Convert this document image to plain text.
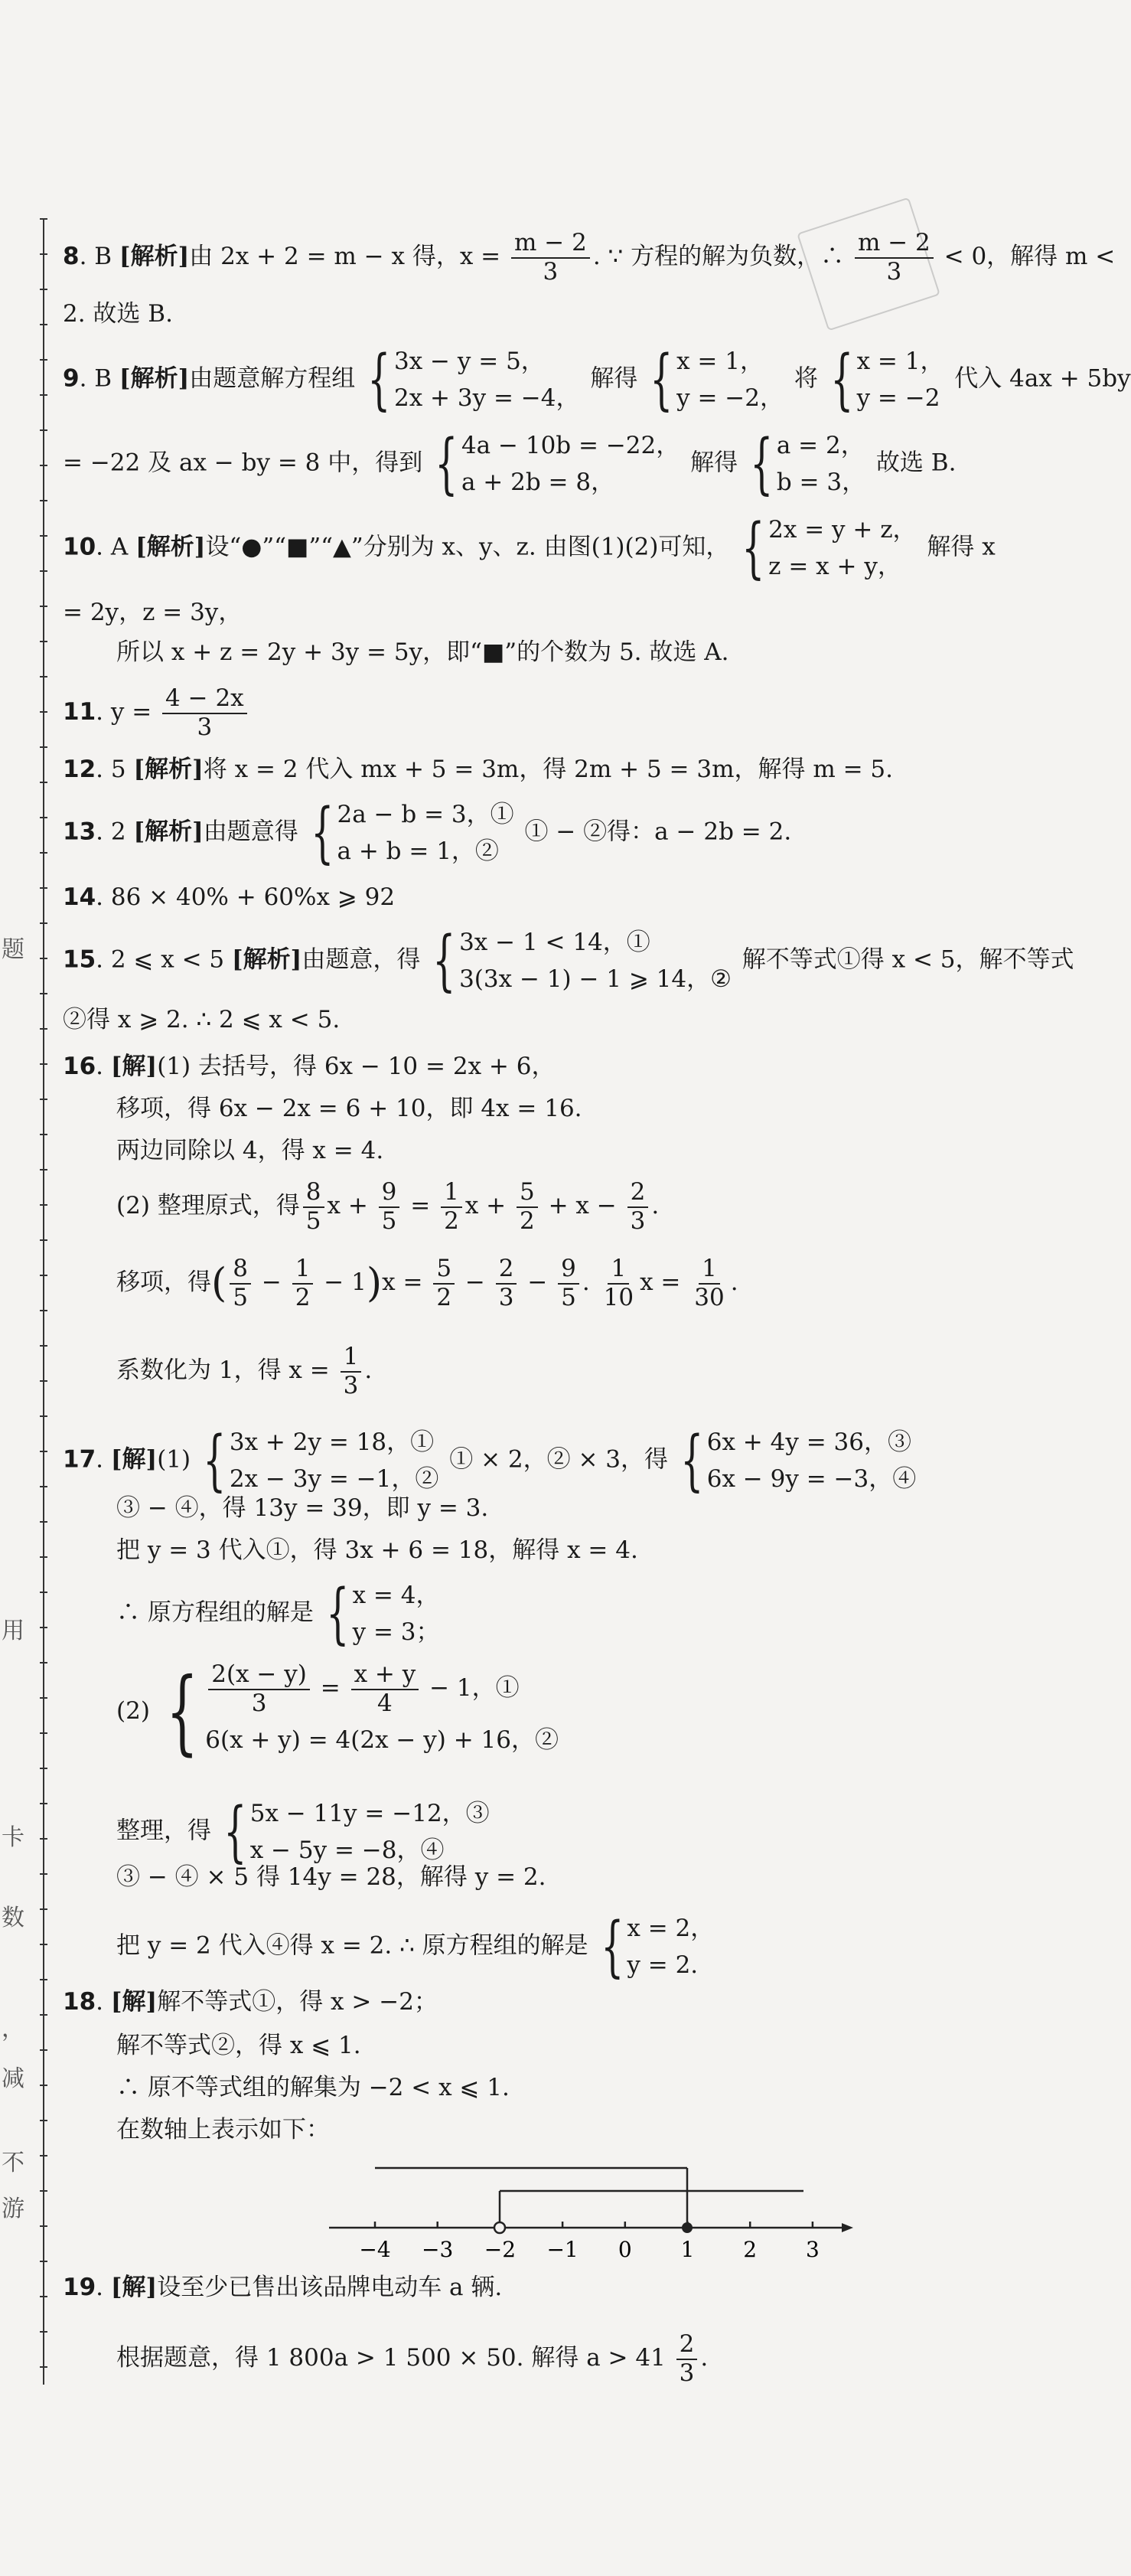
题
用
卡
数
，
减
不
游
8. B [解析]由 2x + 2 = m − x 得，$x = \frac{m - 2}{3}$ . ∵ 方程的解为负数，∴ $\frac{m - 2}{3} < 0$，解得 m <
2. 故选 B.
9. B [解析]由题意解方程组 { 3x − y = 5，
2x + 3y = −4，
解得 { x = 1，
y = −2，
将 { x = 1，
y = −2
代入 4ax + 5by
= −22 及 ax − by = 8 中，得到 { 4a − 10b = −22，
a + 2b = 8，
解得 { a = 2，
b = 3，
故选 B.
10. A [解析]设“●”“■”“▲”分别为 x、y、z. 由图(1)(2)可知， { 2x = y + z，
z = x + y，
解得 x
= 2y，z = 3y，
所以 x + z = 2y + 3y = 5y，即“■”的个数为 5. 故选 A.
11. $y = \frac{4 - 2x}{3}$
12. 5 [解析]将 x = 2 代入 mx + 5 = 3m，得 2m + 5 = 3m，解得 m = 5.
13. 2 [解析]由题意得 { 2a − b = 3，①
a + b = 1，②
① − ②得：a − 2b = 2.
14. 86 × 40% + 60%x ⩾ 92
15. 2 ⩽ x < 5 [解析]由题意，得 { 3x − 1 < 14，①
3(3x − 1) − 1 ⩾ 14，②
解不等式①得 x < 5，解不等式
②得 x ⩾ 2. ∴ 2 ⩽ x < 5.
16. [解](1) 去括号，得 6x − 10 = 2x + 6，
移项，得 6x − 2x = 6 + 10，即 4x = 16.
两边同除以 4，得 x = 4.
(2) 整理原式，得 $\frac{8}{5}$ $x + \frac{9}{5} = \frac{1}{2}$ $x + \frac{5}{2} + x - \frac{2}{3}$ .
移项，得( $\frac{8}{5} - \frac{1}{2} - 1)x = \frac{5}{2} - \frac{2}{3} - \frac{9}{5}$ . $\frac{1}{10}$ $x = \frac{1}{30}$ .
系数化为 1，得 $x = \frac{1}{3}$ .
17. [解](1) { 3x + 2y = 18，①
2x − 3y = −1，②
① × 2，② × 3，得 { 6x + 4y = 36，③
6x − 9y = −3，④
③ − ④，得 13y = 39，即 y = 3.
把 y = 3 代入①，得 3x + 6 = 18，解得 x = 4.
∴ 原方程组的解是 { x = 4，
y = 3；
(2) { $\frac{2(x - y)}{3} = \frac{x + y}{4} - 1$，①
6(x + y) = 4(2x − y) + 16，②
整理，得 { 5x − 11y = −12，③
x − 5y = −8，④
③ − ④ × 5 得 14y = 28，解得 y = 2.
把 y = 2 代入④得 x = 2. ∴ 原方程组的解是 { x = 2，
y = 2.
18. [解]解不等式①，得 x > −2；
解不等式②，得 x ⩽ 1.
∴ 原不等式组的解集为 −2 < x ⩽ 1.
在数轴上表示如下：
−4 −3 −2 −1 0 1 2 3
19. [解]设至少已售出该品牌电动车 a 辆.
根据题意，得 1 800a > 1 500 × 50. 解得 $a > 41 \frac{2}{3}$ .
